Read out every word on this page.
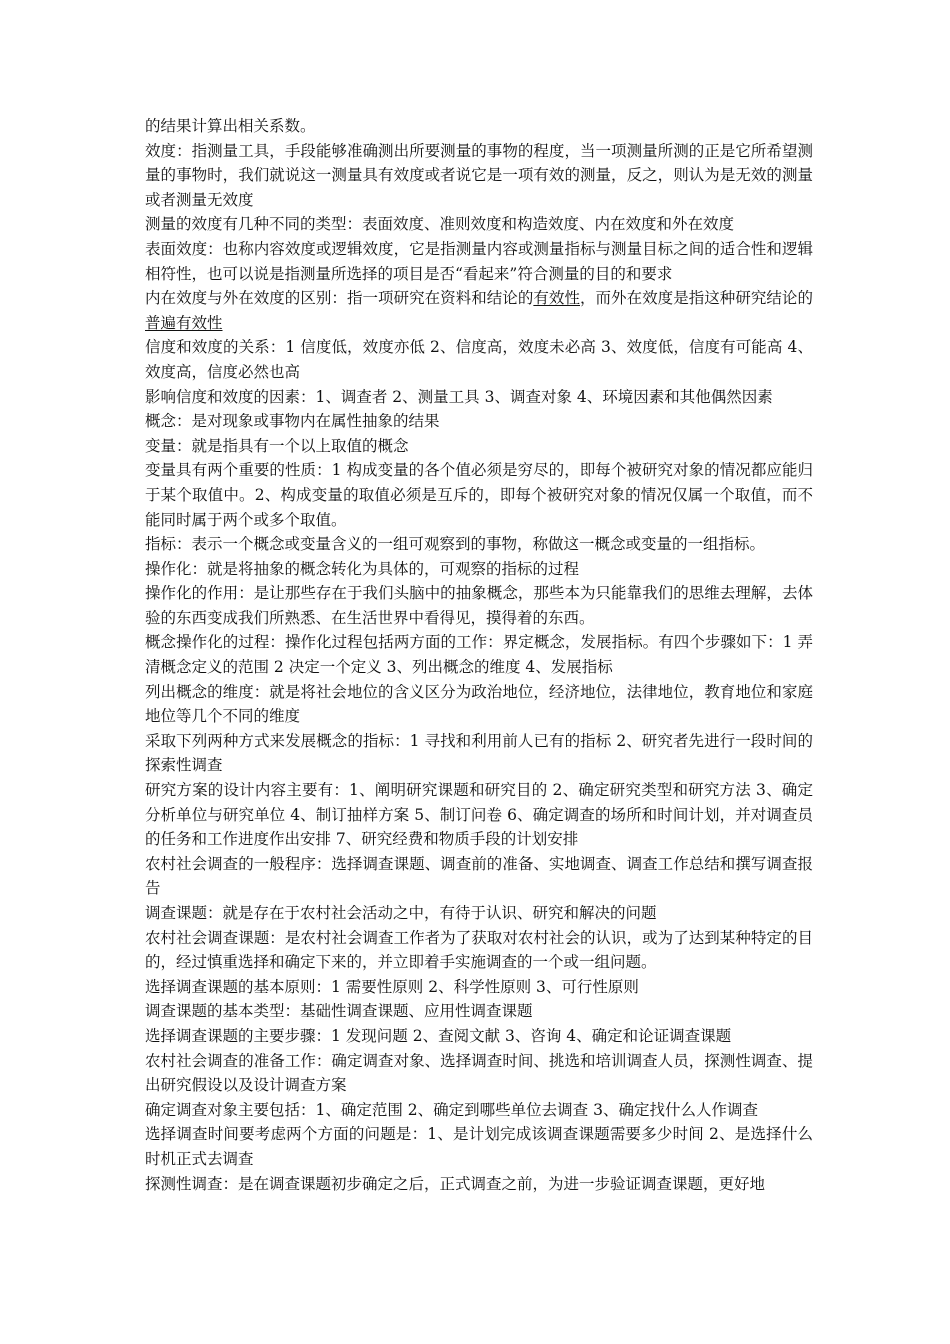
的结果计算出相关系数。

效度：指测量工具，手段能够准确测出所要测量的事物的程度，当一项测量所测的正是它所希望测量的事物时，我们就说这一测量具有效度或者说它是一项有效的测量，反之，则认为是无效的测量或者测量无效度

测量的效度有几种不同的类型：表面效度、准则效度和构造效度、内在效度和外在效度

表面效度：也称内容效度或逻辑效度，它是指测量内容或测量指标与测量目标之间的适合性和逻辑相符性，也可以说是指测量所选择的项目是否“看起来”符合测量的目的和要求

内在效度与外在效度的区别：指一项研究在资料和结论的有效性，而外在效度是指这种研究结论的普遍有效性

信度和效度的关系：1 信度低，效度亦低 2、信度高，效度未必高 3、效度低，信度有可能高 4、效度高，信度必然也高

影响信度和效度的因素：1、调查者 2、测量工具 3、调查对象 4、环境因素和其他偶然因素

概念：是对现象或事物内在属性抽象的结果

变量：就是指具有一个以上取值的概念

变量具有两个重要的性质：1 构成变量的各个值必须是穷尽的，即每个被研究对象的情况都应能归于某个取值中。2、构成变量的取值必须是互斥的，即每个被研究对象的情况仅属一个取值，而不能同时属于两个或多个取值。

指标：表示一个概念或变量含义的一组可观察到的事物，称做这一概念或变量的一组指标。

操作化：就是将抽象的概念转化为具体的，可观察的指标的过程

操作化的作用：是让那些存在于我们头脑中的抽象概念，那些本为只能靠我们的思维去理解，去体验的东西变成我们所熟悉、在生活世界中看得见，摸得着的东西。

概念操作化的过程：操作化过程包括两方面的工作：界定概念，发展指标。有四个步骤如下：1 弄清概念定义的范围 2 决定一个定义 3、列出概念的维度 4、发展指标

列出概念的维度：就是将社会地位的含义区分为政治地位，经济地位，法律地位，教育地位和家庭地位等几个不同的维度

采取下列两种方式来发展概念的指标：1 寻找和利用前人已有的指标 2、研究者先进行一段时间的探索性调查

研究方案的设计内容主要有：1、阐明研究课题和研究目的 2、确定研究类型和研究方法 3、确定分析单位与研究单位 4、制订抽样方案 5、制订问卷 6、确定调查的场所和时间计划，并对调查员的任务和工作进度作出安排 7、研究经费和物质手段的计划安排

农村社会调查的一般程序：选择调查课题、调查前的准备、实地调查、调查工作总结和撰写调查报告

调查课题：就是存在于农村社会活动之中，有待于认识、研究和解决的问题

农村社会调查课题：是农村社会调查工作者为了获取对农村社会的认识，或为了达到某种特定的目的，经过慎重选择和确定下来的，并立即着手实施调查的一个或一组问题。

选择调查课题的基本原则：1 需要性原则 2、科学性原则 3、可行性原则

调查课题的基本类型：基础性调查课题、应用性调查课题

选择调查课题的主要步骤：1 发现问题 2、查阅文献 3、咨询 4、确定和论证调查课题

农村社会调查的准备工作：确定调查对象、选择调查时间、挑选和培训调查人员，探测性调查、提出研究假设以及设计调查方案

确定调查对象主要包括：1、确定范围 2、确定到哪些单位去调查 3、确定找什么人作调查

选择调查时间要考虑两个方面的问题是：1、是计划完成该调查课题需要多少时间 2、是选择什么时机正式去调查

探测性调查：是在调查课题初步确定之后，正式调查之前，为进一步验证调查课题，更好地
